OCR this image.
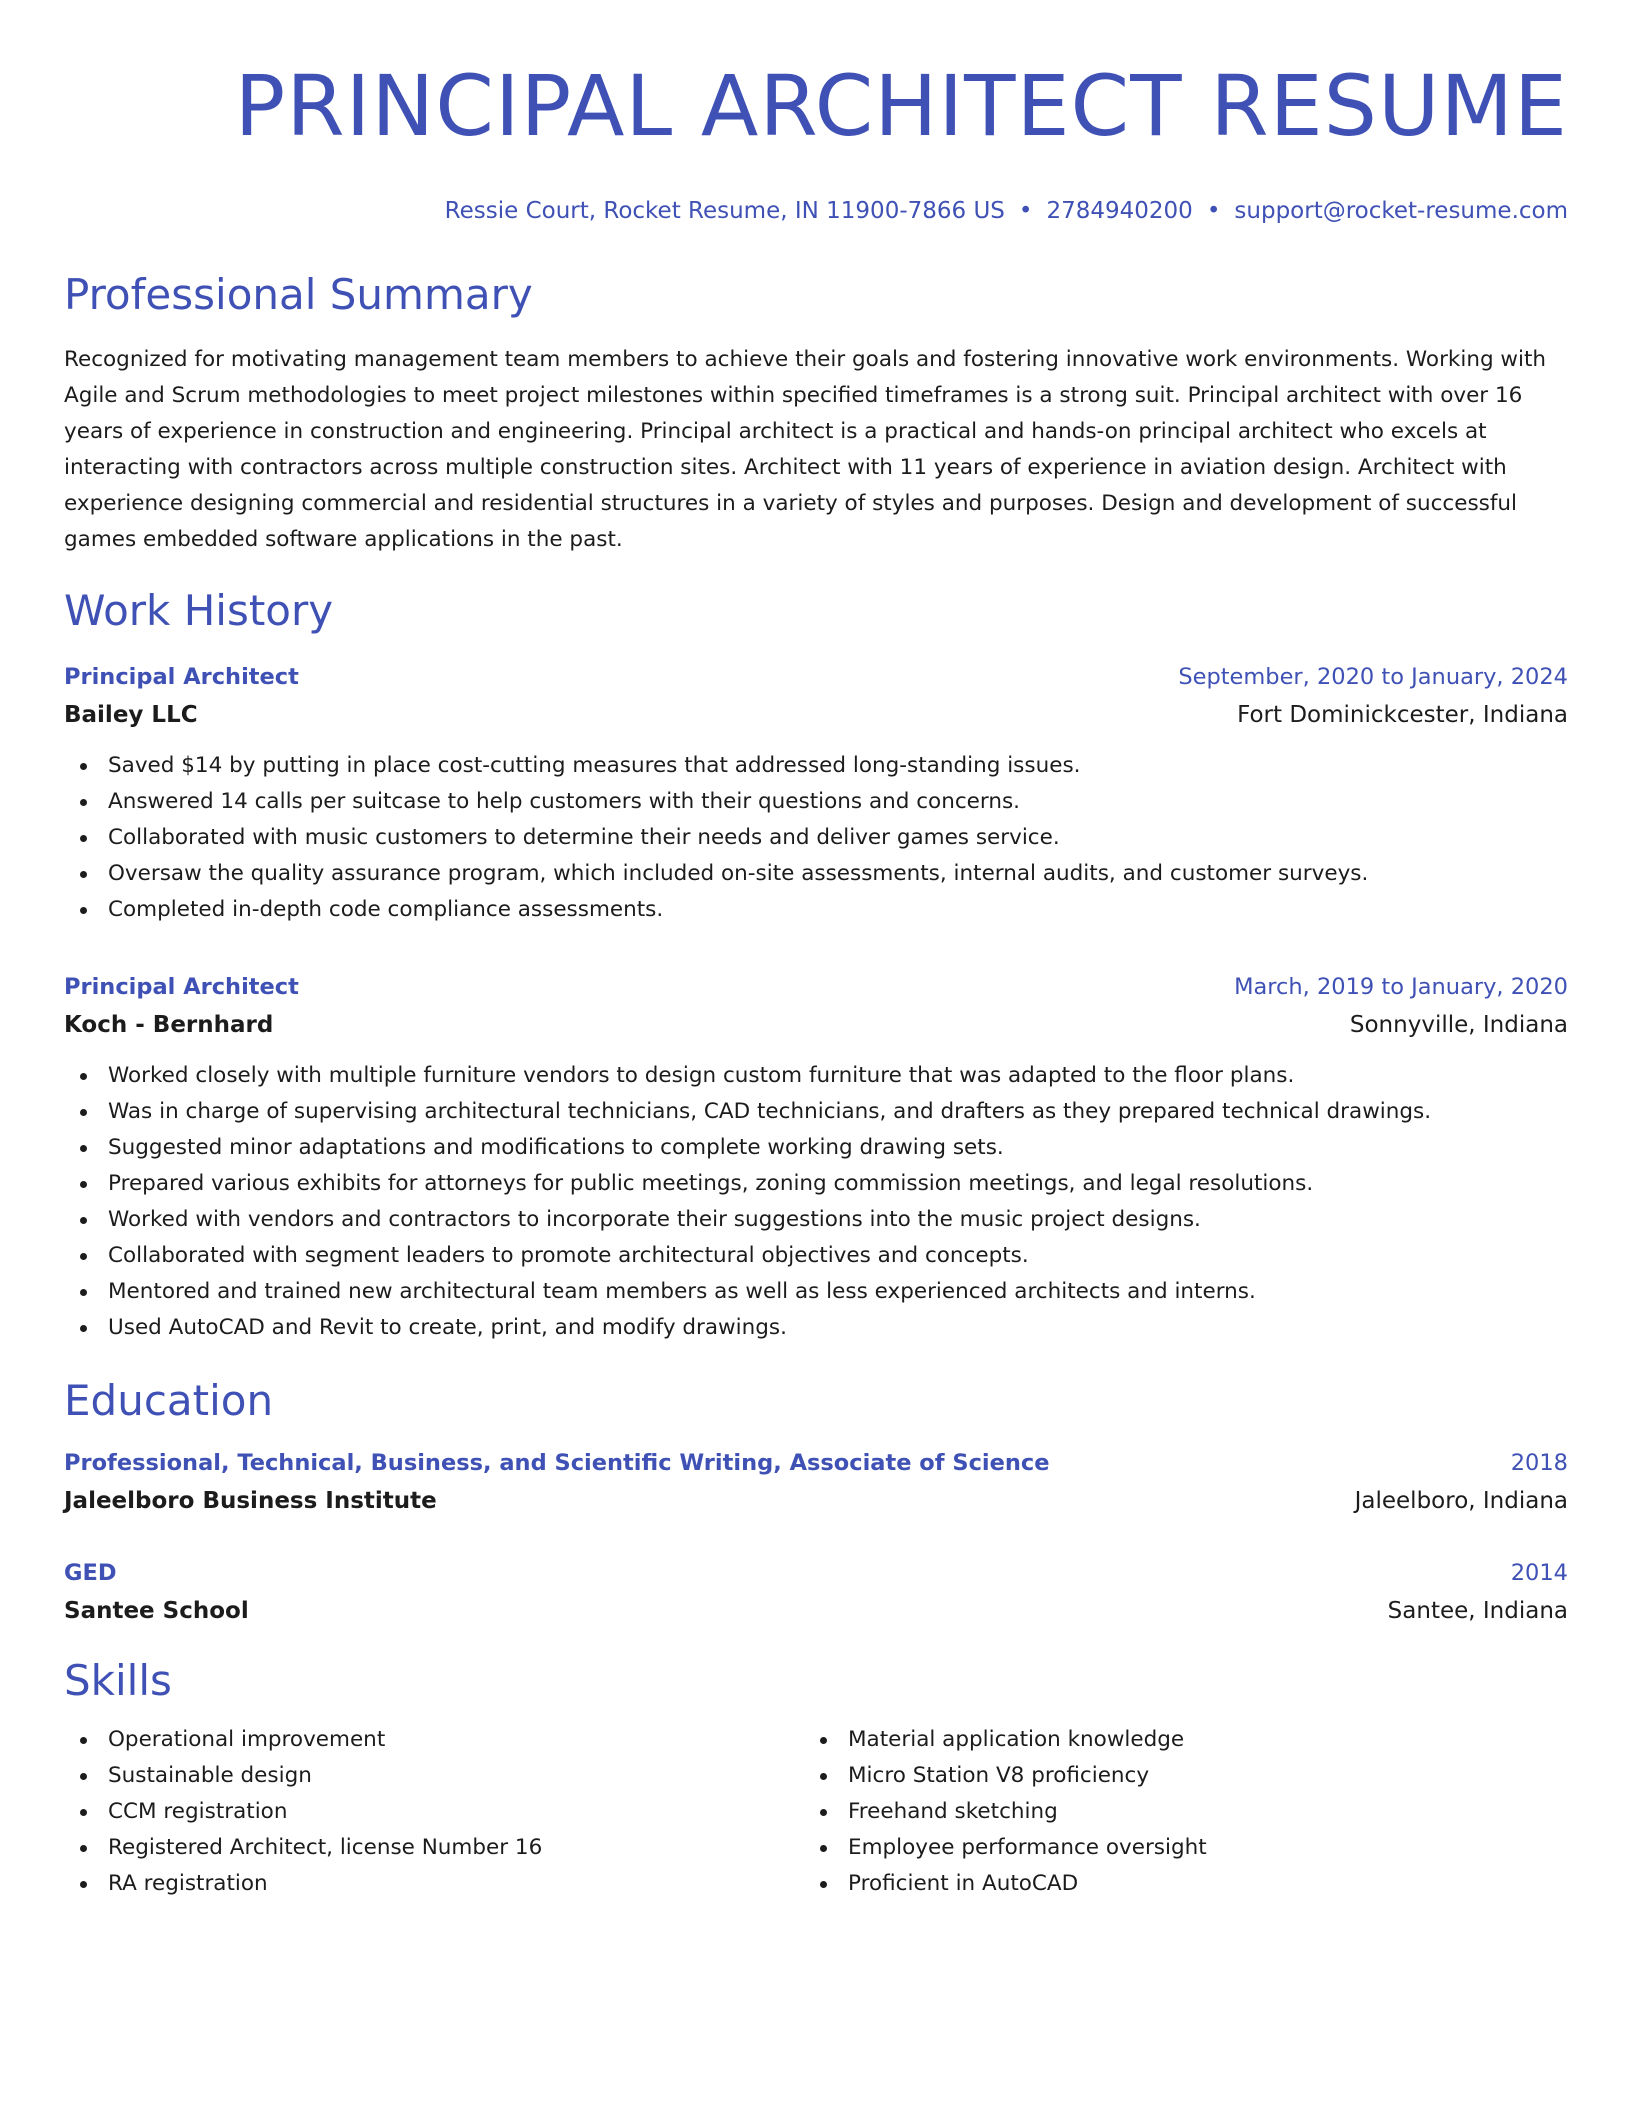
PRINCIPAL ARCHITECT RESUME
Ressie Court, Rocket Resume, IN 11900-7866 US • 2784940200 • support@rocket-resume.com
Professional Summary
Recognized for motivating management team members to achieve their goals and fostering innovative work environments. Working with Agile and Scrum methodologies to meet project milestones within specified timeframes is a strong suit. Principal architect with over 16 years of experience in construction and engineering. Principal architect is a practical and hands-on principal architect who excels at interacting with contractors across multiple construction sites. Architect with 11 years of experience in aviation design. Architect with experience designing commercial and residential structures in a variety of styles and purposes. Design and development of successful games embedded software applications in the past.
Work History
Principal Architect	September, 2020 to January, 2024
Bailey LLC	Fort Dominickcester, Indiana
Saved $14 by putting in place cost-cutting measures that addressed long-standing issues.
Answered 14 calls per suitcase to help customers with their questions and concerns.
Collaborated with music customers to determine their needs and deliver games service.
Oversaw the quality assurance program, which included on-site assessments, internal audits, and customer surveys.
Completed in-depth code compliance assessments.
Principal Architect	March, 2019 to January, 2020
Koch - Bernhard	Sonnyville, Indiana
Worked closely with multiple furniture vendors to design custom furniture that was adapted to the floor plans.
Was in charge of supervising architectural technicians, CAD technicians, and drafters as they prepared technical drawings.
Suggested minor adaptations and modifications to complete working drawing sets.
Prepared various exhibits for attorneys for public meetings, zoning commission meetings, and legal resolutions.
Worked with vendors and contractors to incorporate their suggestions into the music project designs.
Collaborated with segment leaders to promote architectural objectives and concepts.
Mentored and trained new architectural team members as well as less experienced architects and interns.
Used AutoCAD and Revit to create, print, and modify drawings.
Education
Professional, Technical, Business, and Scientific Writing, Associate of Science	2018
Jaleelboro Business Institute	Jaleelboro, Indiana
GED	2014
Santee School	Santee, Indiana
Skills
Operational improvement
Sustainable design
CCM registration
Registered Architect, license Number 16
RA registration
Material application knowledge
Micro Station V8 proficiency
Freehand sketching
Employee performance oversight
Proficient in AutoCAD
